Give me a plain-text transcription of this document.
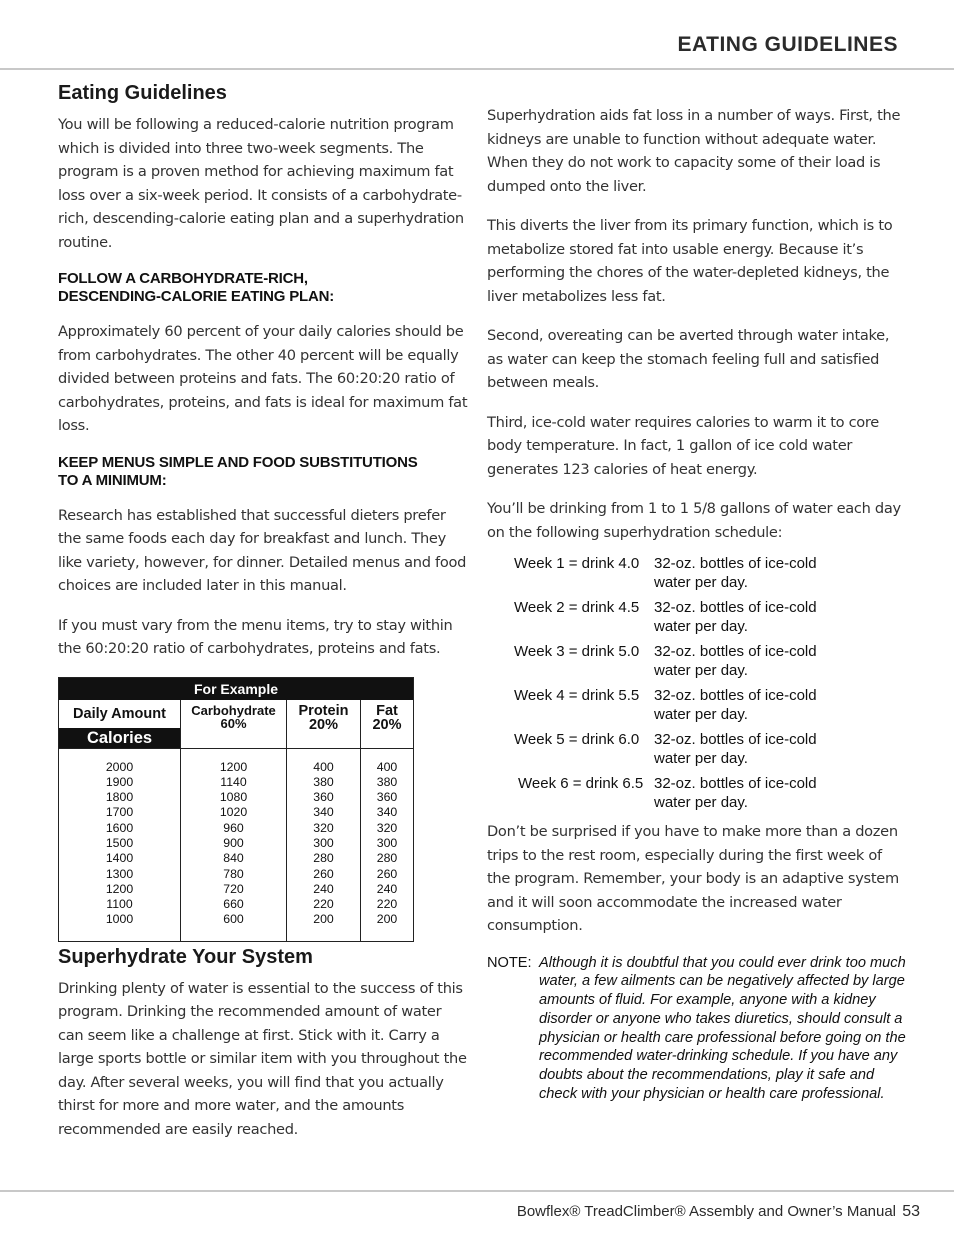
EATING GUIDELINES
Eating Guidelines

You will be following a reduced-calorie nutrition program which is divided into three two-week segments. The program is a proven method for achieving maximum fat loss over a six-week period. It consists of a carbohydrate-rich, descending-calorie eating plan and a superhydration routine.

FOLLOW A CARBOHYDRATE-RICH,
DESCENDING-CALORIE EATING PLAN:

Approximately 60 percent of your daily calories should be from carbohydrates. The other 40 percent will be equally divided between proteins and fats. The 60:20:20 ratio of carbohydrates, proteins, and fats is ideal for maximum fat loss.

KEEP MENUS SIMPLE AND FOOD SUBSTITUTIONS
TO A MINIMUM:

Research has established that successful dieters prefer the same foods each day for breakfast and lunch. They like variety, however, for dinner. Detailed menus and food choices are included later in this manual.

If you must vary from the menu items, try to stay within the 60:20:20 ratio of carbohydrates, proteins and fats.

For Example
Daily Amount
Calories
Carbohydrate
60%
Protein
20%
Fat
20%
2000
1900
1800
1700
1600
1500
1400
1300
1200
1100
1000
1200
1140
1080
1020
960
900
840
780
720
660
600
400
380
360
340
320
300
280
260
240
220
200
400
380
360
340
320
300
280
260
240
220
200
Superhydrate Your System

Drinking plenty of water is essential to the success of this program. Drinking the recommended amount of water can seem like a challenge at first. Stick with it. Carry a large sports bottle or similar item with you throughout the day. After several weeks, you will find that you actually thirst for more and more water, and the amounts recommended are easily reached.

Superhydration aids fat loss in a number of ways. First, the kidneys are unable to function without adequate water. When they do not work to capacity some of their load is dumped onto the liver.

This diverts the liver from its primary function, which is to metabolize stored fat into usable energy. Because it’s performing the chores of the water-depleted kidneys, the liver metabolizes less fat.

Second, overeating can be averted through water intake, as water can keep the stomach feeling full and satisfied between meals.

Third, ice-cold water requires calories to warm it to core body temperature. In fact, 1 gallon of ice cold water generates 123 calories of heat energy.

You’ll be drinking from 1 to 1 5/8 gallons of water each day on the following superhydration schedule:

Week 1 = drink 4.0 32-oz. bottles of ice-cold water per day.
Week 2 = drink 4.5 32-oz. bottles of ice-cold water per day.
Week 3 = drink 5.0 32-oz. bottles of ice-cold water per day.
Week 4 = drink 5.5 32-oz. bottles of ice-cold water per day.
Week 5 = drink 6.0 32-oz. bottles of ice-cold water per day.
Week 6 = drink 6.5 32-oz. bottles of ice-cold water per day.

Don’t be surprised if you have to make more than a dozen trips to the rest room, especially during the first week of the program. Remember, your body is an adaptive system and it will soon accommodate the increased water consumption.

NOTE: Although it is doubtful that you could ever drink too much water, a few ailments can be negatively affected by large amounts of fluid. For example, anyone with a kidney disorder or anyone who takes diuretics, should consult a physician or health care professional before going on the recommended water-drinking schedule. If you have any doubts about the recommendations, play it safe and check with your physician or health care professional.
Bowflex® TreadClimber® Assembly and Owner’s Manual 53
